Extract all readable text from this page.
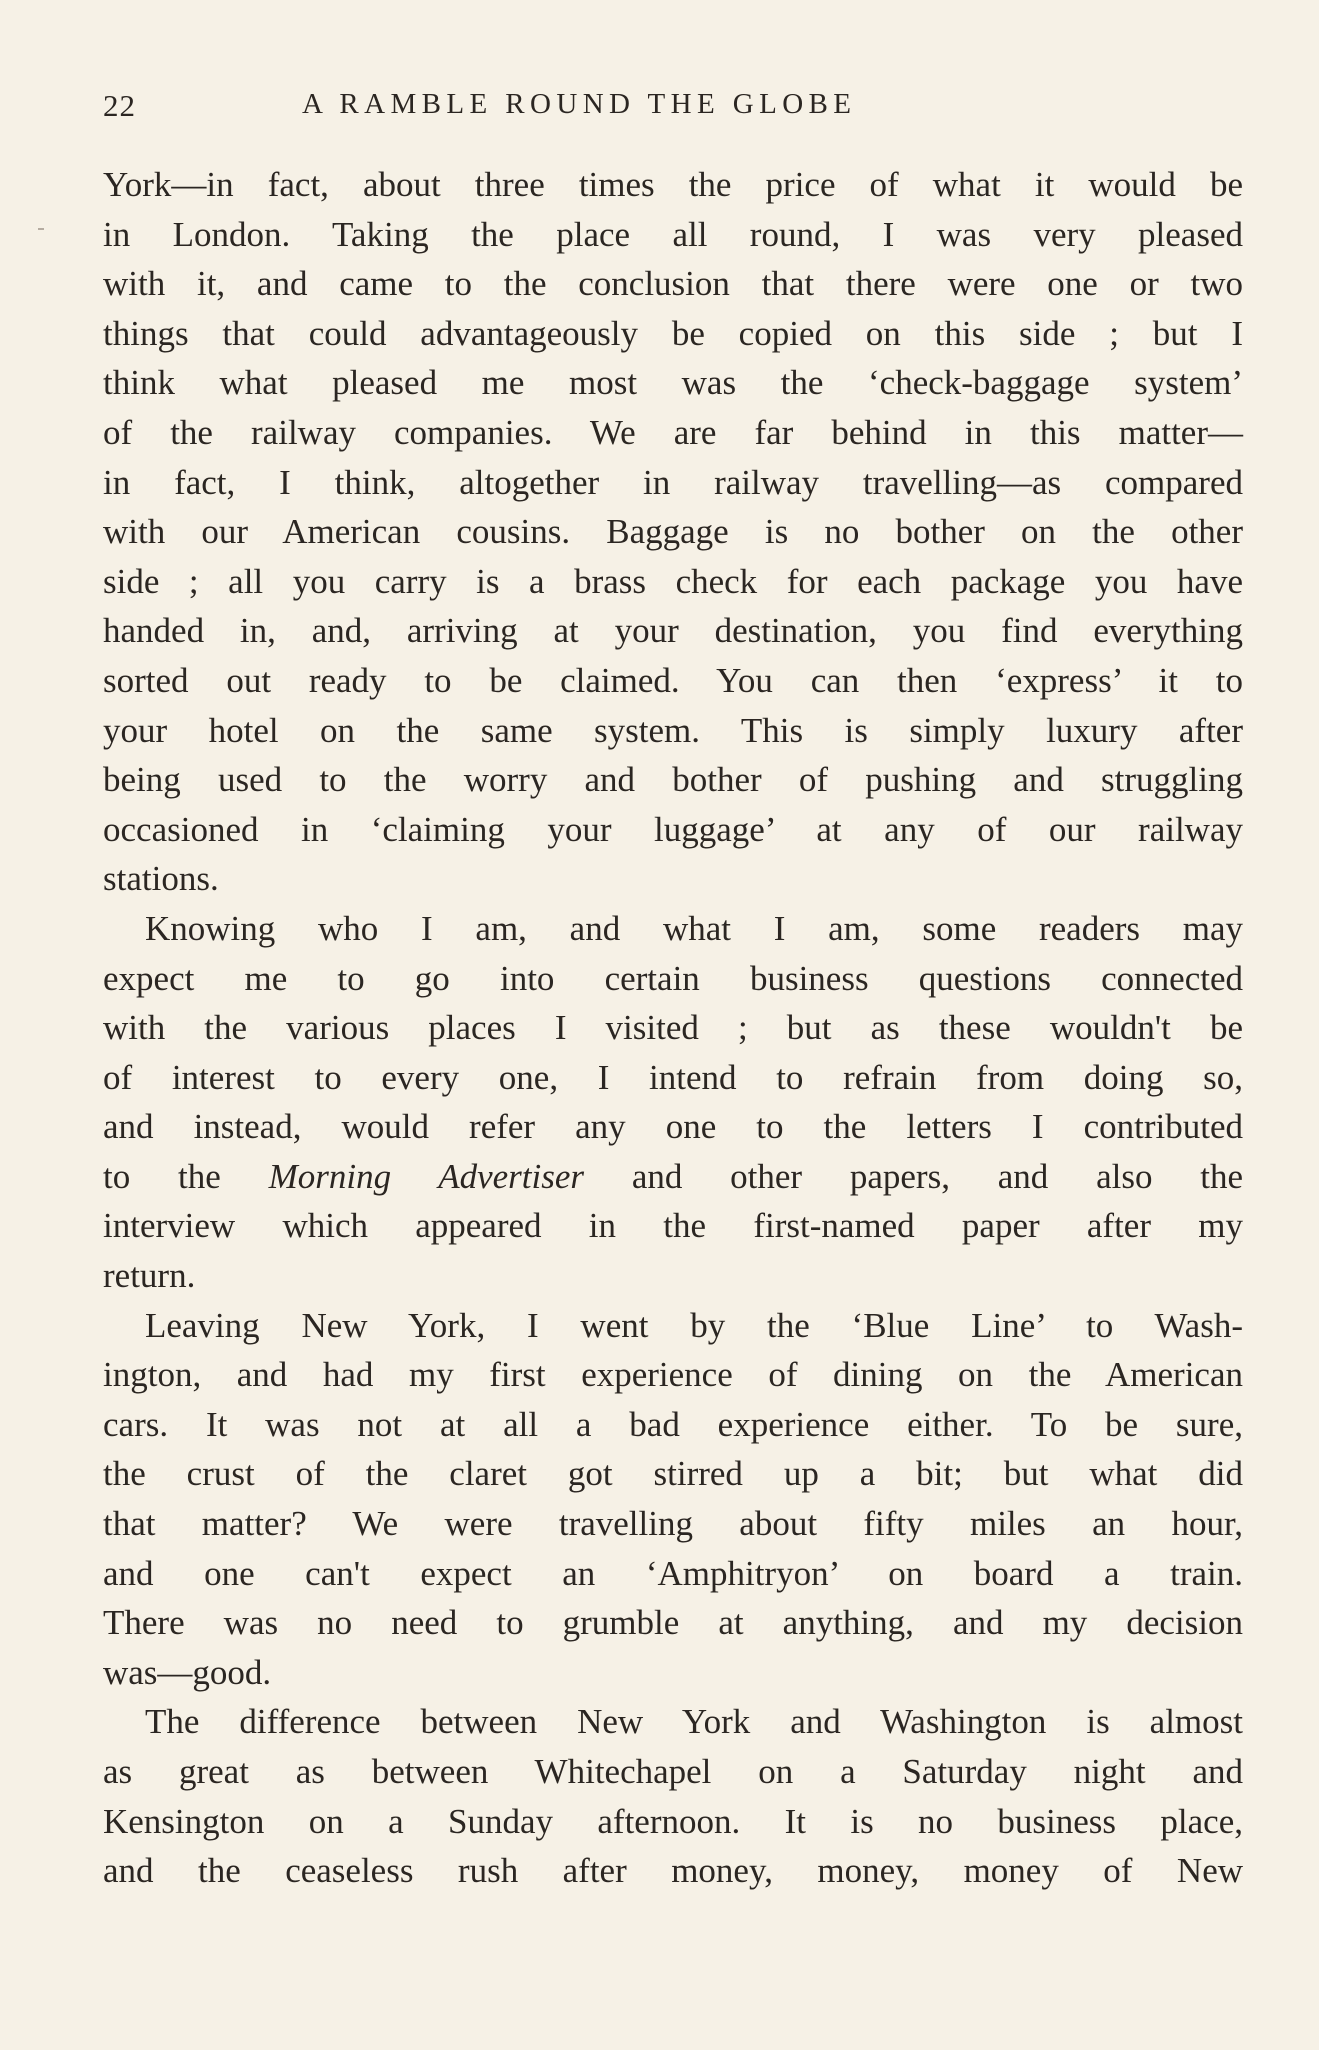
22	A RAMBLE ROUND THE GLOBE

York—in fact, about three times the price of what it would be
in London. Taking the place all round, I was very pleased
with it, and came to the conclusion that there were one or two
things that could advantageously be copied on this side ; but I
think what pleased me most was the ‘check-baggage system’
of the railway companies. We are far behind in this matter—
in fact, I think, altogether in railway travelling—as compared
with our American cousins. Baggage is no bother on the other
side ; all you carry is a brass check for each package you have
handed in, and, arriving at your destination, you find everything
sorted out ready to be claimed. You can then ‘express’ it to
your hotel on the same system. This is simply luxury after
being used to the worry and bother of pushing and struggling
occasioned in ‘claiming your luggage’ at any of our railway
stations.

Knowing who I am, and what I am, some readers may
expect me to go into certain business questions connected
with the various places I visited ; but as these wouldn't be
of interest to every one, I intend to refrain from doing so,
and instead, would refer any one to the letters I contributed
to the Morning Advertiser and other papers, and also the
interview which appeared in the first-named paper after my
return.

Leaving New York, I went by the ‘Blue Line’ to Wash-
ington, and had my first experience of dining on the American
cars. It was not at all a bad experience either. To be sure,
the crust of the claret got stirred up a bit; but what did
that matter? We were travelling about fifty miles an hour,
and one can't expect an ‘Amphitryon’ on board a train.
There was no need to grumble at anything, and my decision
was—good.

The difference between New York and Washington is almost
as great as between Whitechapel on a Saturday night and
Kensington on a Sunday afternoon. It is no business place,
and the ceaseless rush after money, money, money of New
